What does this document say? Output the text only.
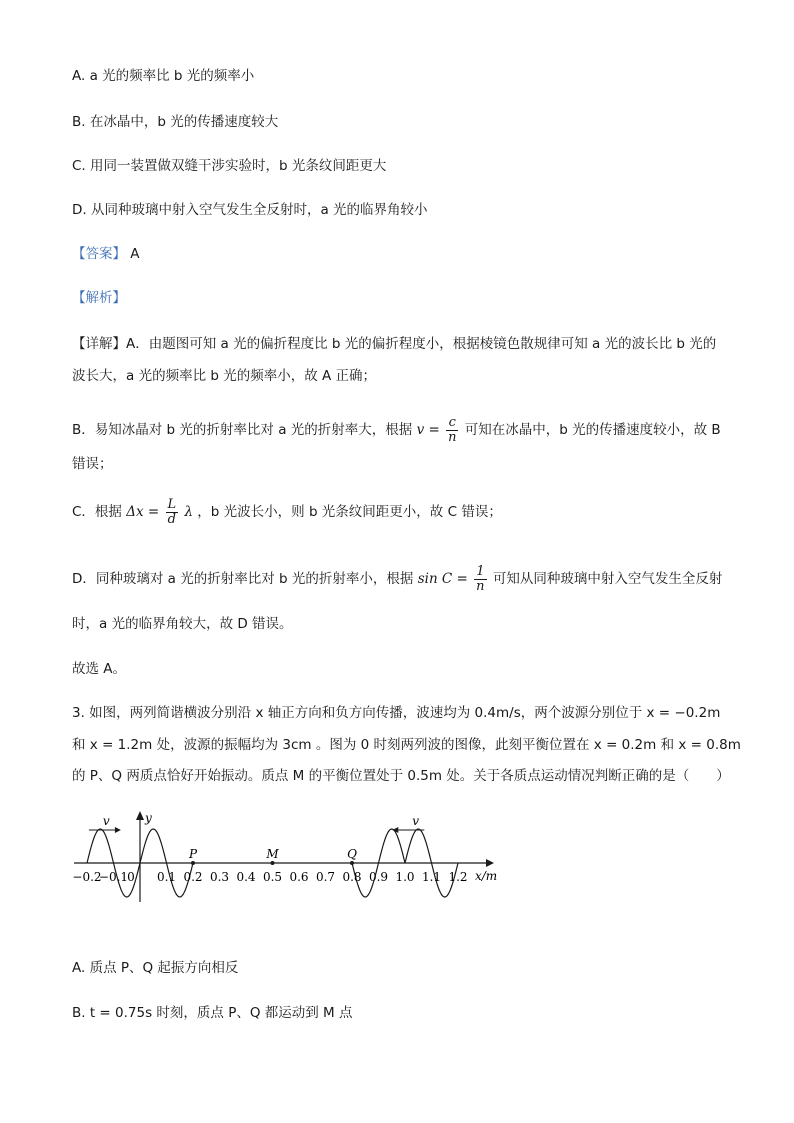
A. a 光的频率比 b 光的频率小
B. 在冰晶中，b 光的传播速度较大
C. 用同一装置做双缝干涉实验时，b 光条纹间距更大
D. 从同种玻璃中射入空气发生全反射时，a 光的临界角较小
【答案】 A
【解析】
【详解】A．由题图可知 a 光的偏折程度比 b 光的偏折程度小，根据棱镜色散规律可知 a 光的波长比 b 光的
波长大，a 光的频率比 b 光的频率小，故 A 正确；
B．易知冰晶对 b 光的折射率比对 a 光的折射率大，根据 $v = \frac{c}{n}$ 可知在冰晶中，b 光的传播速度较小，故 B
错误；
C．根据 $\Delta x = \frac{L}{d}$ λ ，b 光波长小，则 b 光条纹间距更小，故 C 错误；
D．同种玻璃对 a 光的折射率比对 b 光的折射率小，根据 $\sin C = \frac{1}{n}$ 可知从同种玻璃中射入空气发生全反射
时，a 光的临界角较大，故 D 错误。
故选 A。
3. 如图，两列简谐横波分别沿 x 轴正方向和负方向传播，波速均为 0.4m/s，两个波源分别位于 x = −0.2m
和 x = 1.2m 处，波源的振幅均为 3cm 。图为 0 时刻两列波的图像，此刻平衡位置在 x = 0.2m 和 x = 0.8m
的 P、Q 两质点恰好开始振动。质点 M 的平衡位置处于 0.5m 处。关于各质点运动情况判断正确的是（　　）
y
x/m
v	v
−0.2
−0.1 0 0.1 0.2 0.3 0.4 0.5 0.6 0.7 0.8 0.9 1.0 1.1 1.2
P	M	Q
A. 质点 P、Q 起振方向相反
B. t = 0.75s 时刻，质点 P、Q 都运动到 M 点
